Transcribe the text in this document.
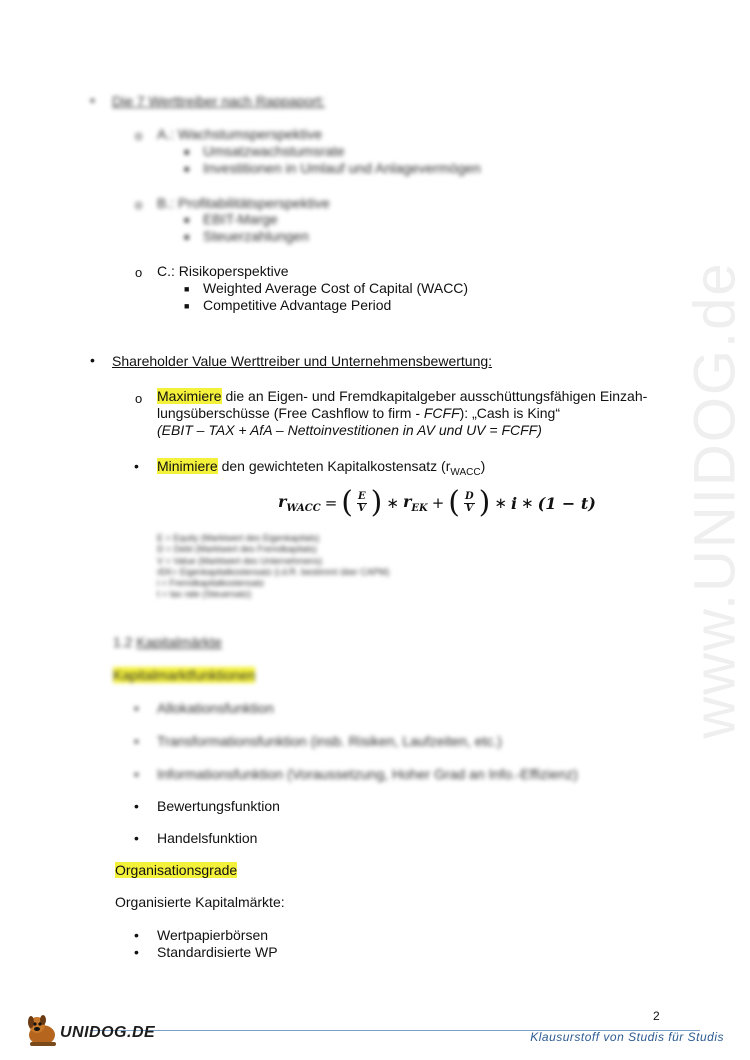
www.UNIDOG.de
• Die 7 Werttreiber nach Rappaport:
o A.: Wachstumsperspektive
■ Umsatzwachstumsrate
■ Investitionen in Umlauf und Anlagevermögen
o B.: Profitabilitätsperspektive
■ EBIT-Marge
■ Steuerzahlungen
o C.: Risikoperspektive
■ Weighted Average Cost of Capital (WACC)
■ Competitive Advantage Period
• Shareholder Value Werttreiber und Unternehmensbewertung:
o Maximiere die an Eigen- und Fremdkapitalgeber ausschüttungsfähigen Einzah-
lungsüberschüsse (Free Cashflow to firm - FCFF): „Cash is King“
(EBIT – TAX + AfA – Nettoinvestitionen in AV und UV = FCFF)
• Minimiere den gewichteten Kapitalkostensatz $(r_{WACC})$
$r_{WACC}$ = ( $\frac{E}{V}$ ) ∗ $r_{EK}$ + ( $\frac{D}{V}$ ) ∗ i ∗ (1 − t)
E = Equity (Marktwert des Eigenkapitals)
D = Debt (Marktwert des Fremdkapitals)
V = Value (Marktwert des Unternehmens)
rEK= Eigenkapitalkostensatz (i.d.R. bestimmt über CAPM)
i = Fremdkapitalkostensatz
t = tax rate (Steuersatz)
1.2 Kapitalmärkte
Kapitalmarktfunktionen
• Allokationsfunktion
• Transformationsfunktion (insb. Risiken, Laufzeiten, etc.)
• Informationsfunktion (Voraussetzung, Hoher Grad an Info.-Effizienz)
• Bewertungsfunktion
• Handelsfunktion
Organisationsgrade
Organisierte Kapitalmärkte:
• Wertpapierbörsen
• Standardisierte WP
2
UNIDOG.DE	Klausurstoff von Studis für Studis
